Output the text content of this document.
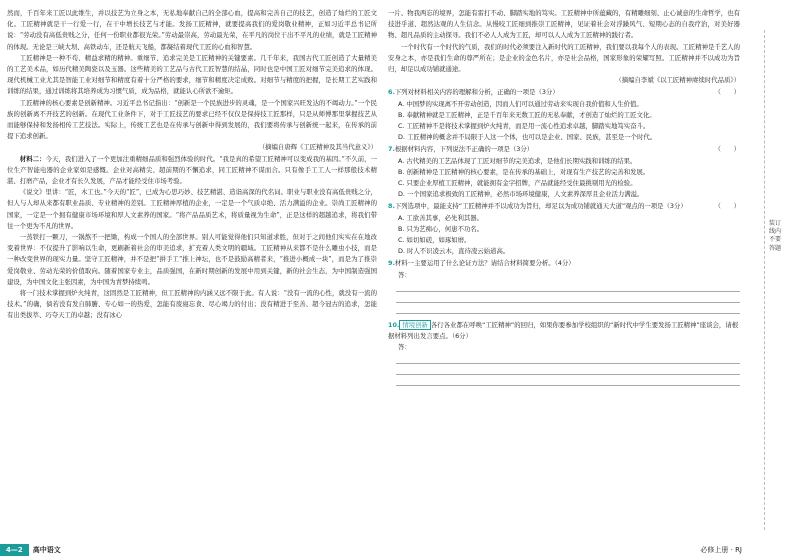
然而，千百年来工匠以此维生，并以技艺为立身之本，无私地奉献自己的全部心血，提高和完善自己的技艺，创造了灿烂的工匠文化。工匠精神就是干一行爱一行，在干中增长技艺与才能。发扬工匠精神，就要提高我们的爱岗敬业精神，正如习近平总书记所说：“劳动没有高低贵贱之分，任何一份职业都很光荣。”劳动最崇高，劳动最光荣，在平凡的岗位干出不平凡的业绩，就是工匠精神的体现。无论是三峡大坝、高铁动车，还是航天飞船，都凝结着现代工匠的心血和智慧。

工匠精神是一种不苟、精益求精的精神。重细节、追求完美是工匠精神的关键要素。几千年来，我国古代工匠创造了大量精美的工艺美术品，如历代精美陶瓷以及玉器。这些精美的工艺品与古代工匠智慧的结晶，同时也是中国工匠对细节完美追求的体现。现代机械工业尤其是智能工业对细节和精度有着十分严格的要求，细节和精度决定成败。对细节与精度的把握，是长期工艺实践和训练的结果，通过训练将其培养成为习惯气质，成为品格，就能认心所欲不逾矩。

工匠精神的核心要素是创新精神。习近平总书记指出：“创新是一个民族进步的灵魂，是一个国家兴旺发达的不竭动力。”一个民族的创新离不开技艺的创新。在现代工业条件下，对于工匠技艺的要求已经不仅仅是保持技工匠那样，只是从师傅那里掌握技艺从而能够保持和发扬相传工艺技法。实际上，传统工艺也是在传承与创新中得到发展的，我们要将传承与创新统一起来，在传承的前提下追求创新。

（摘编自唐辉《工匠精神及其当代意义》）

材料二：今天，我们进入了一个更加注重精细品质和强烈体验的时代。“我是真的希望工匠精神可以变成我的基因。”不久前，一位生产智能电器的企业家如是感慨。企业对高精尖、超前期的不懈追求，同工匠精神不谋而合。只有像手工工人一样那般技术精湛、打磨产品，企业才有长久发展，产品才能经受住市场考验。

《说文》里讲：“匠，木工也。”今天的“匠”，已成为心思巧妙、技艺精湛、造诣高深的代名词。职业与职业没有高低贵贱之分，但人与人却从来都有职业品质、专业精神的差别。工匠精神厚植的企业，一定是一个气质卓绝、活力满溢的企业。崇尚工匠精神的国家，一定是一个拥有健康市场环境和厚人文素养的国家。“将产品品质艺术，将质量视为生命”，正是这样的超越追求，将我们带往一个更为不凡的世界。

一蒸铁打一颗刀，一锅熬不一把锄，构成一个国人的全部世界。别人可能觉得他们只知道求胜，但对于之间他们实实在在地改变着世界：不仅提升了影响以生命，更刷新着社会的审美追求，扩充着人类文明的疆域。工匠精神从来都不是什么雕虫小技，而是一种改变世界的现实力量。坚守工匠精神，并不是把“拼手工”推上神坛，也不是鼓励高精者来，“推进小概成一块”，而是为了推崇爱岗敬业、劳动光荣的价值取向。随着国家专业主，品质强国，在新时期创新的发展中用到关键，新的社会生态，为中国制造强国建设，为中国文化主张因素，为中国为青梦持续鸣。

将一门技术掌握到炉火纯青，这固然是工匠精神，但工匠精神的内涵又远不限于此。有人说：“没有一流的心性，就没有一流的技术。”的确，倘若没有发自肺腑、专心如一的热爱，怎能有废寝忘食、尽心竭力的付出；没有精进于至善、超今冠古的追求，怎能有出类拔萃、巧夺天工的卓越；没有冰心

一片、物我两忘的境界，怎能有雷打不动、脚踏实地的笃实。工匠精神中所蕴藏的，有精雕细刻、止心诚意的生命哲学，也有技进乎道、超然达观的人生信念。从慢咬工匠细到推崇工匠精神，见证着社会对浮躁风气、短期心态的自我疗治，对美好器物、超凡品质的主动探寻。我们不必人人成为工匠，却可以人人成为工匠精神的践行者。

一个时代有一个时代的气质，我们的时代必须要注入新时代的工匠精神，我们要以我每个人的表现。工匠精神是千艺人的安身之本，亦是我们生命的尊严所在；是企业的金色名片，亦是社会品格，国家形象的荣耀写照。工匠精神并不以成功为旨归，却足以成功铺就通途。

（摘编自李斌《以工匠精神赓续时代品质》）

6.下列对材料相关内容的理解和分析，正确的一项是（3分）	（　　）
A. 中国梦的实现离不开劳动创造，因而人们可以通过劳动来实现自我价值和人生价值。
B. 奉献精神就是工匠精神，正是千百年来无数工匠的无私奉献，才创造了灿烂的工匠文化。
C. 工匠精神不是将技术掌握到炉火纯青，而是用一流心性追求卓越，脚踏实地笃实奋斗。
D. 工匠精神的概念并不局限于人这一个体，也可以是企业、国家、民族，甚至是一个时代。
7.根据材料内容，下列说法不正确的一项是（3分）	（　　）
A. 古代精美的工艺品体现了工匠对细节的完美追求，是他们长期实践和训练的结果。
B. 创新精神是工匠精神的核心要素，是在传承的基础上，对现有生产技艺的完善和发展。
C. 只要企业厚植工匠精神，就能拥有金字招牌，产品就能经受住最挑剔用光的检验。
D. 一个国家追求极致的工匠精神，必然市场环境健康，人文素养深厚且企业活力满溢。
8.下列选项中，最能支持“工匠精神并不以成功为旨归，却足以为成功铺就通天大道”观点的一项是（3分）	（　　）
A. 工欲善其事，必先利其器。
B. 只为艺痴心，何患不功名。
C. 如切如磋，如琢如磨。
D. 时人不识凌云木，直待凌云始道高。
9.材料一主要运用了什么论证方法？请结合材料简要分析。（4分）
答：
10. 情境创新 各行各业都在呼唤“工匠精神”的回归，如果你要参加学校组织的“新时代中学生要发扬工匠精神”座谈会，请根据材料列出发言要点。（6分）
答：
装订线内不要答题
4—2	高中语文	必修上册 · RJ
